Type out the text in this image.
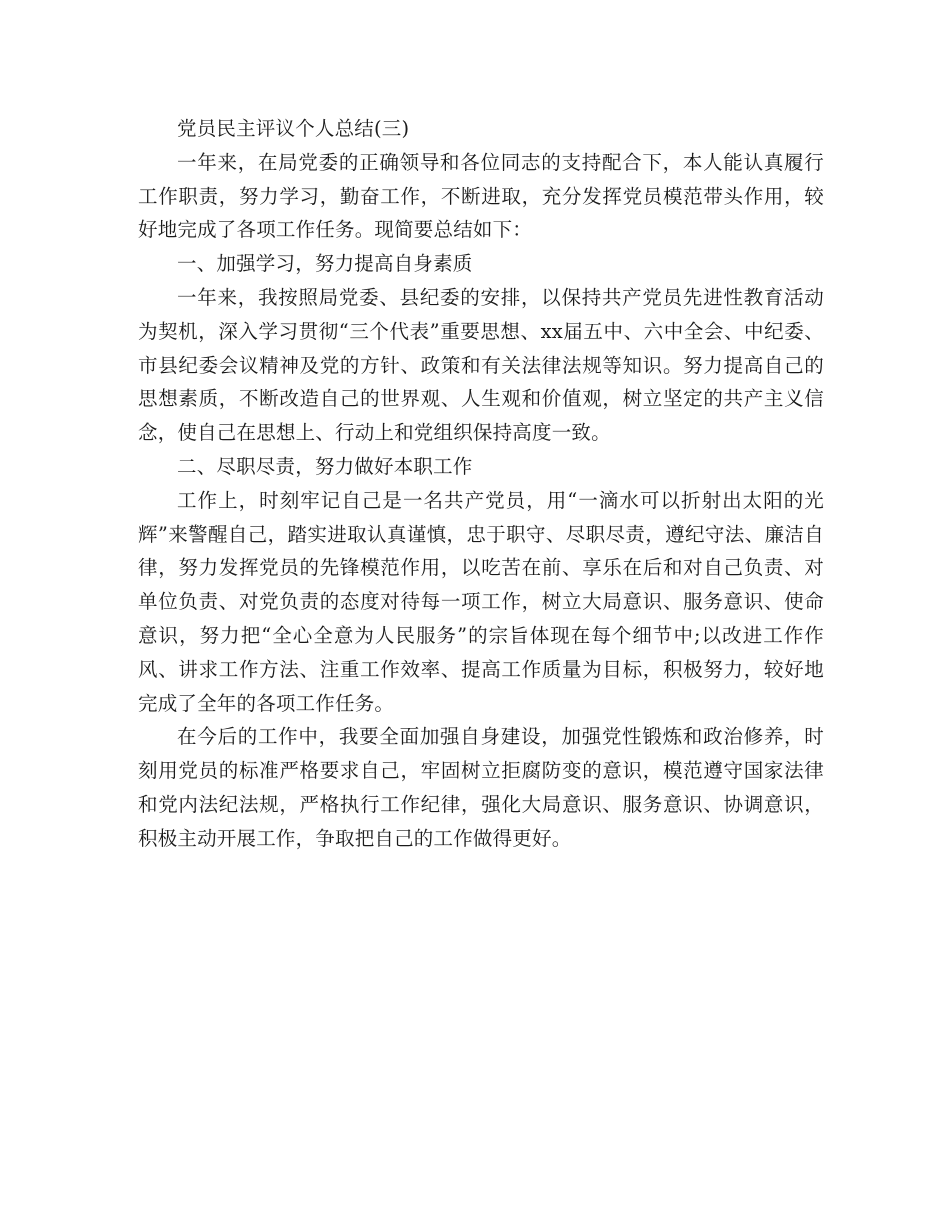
党员民主评议个人总结(三)

一年来，在局党委的正确领导和各位同志的支持配合下，本人能认真履行工作职责，努力学习，勤奋工作，不断进取，充分发挥党员模范带头作用，较好地完成了各项工作任务。现简要总结如下：

一、加强学习，努力提高自身素质

一年来，我按照局党委、县纪委的安排，以保持共产党员先进性教育活动为契机，深入学习贯彻“三个代表”重要思想、xx届五中、六中全会、中纪委、市县纪委会议精神及党的方针、政策和有关法律法规等知识。努力提高自己的思想素质，不断改造自己的世界观、人生观和价值观，树立坚定的共产主义信念，使自己在思想上、行动上和党组织保持高度一致。

二、尽职尽责，努力做好本职工作

工作上，时刻牢记自己是一名共产党员，用“一滴水可以折射出太阳的光辉”来警醒自己，踏实进取认真谨慎，忠于职守、尽职尽责，遵纪守法、廉洁自律，努力发挥党员的先锋模范作用，以吃苦在前、享乐在后和对自己负责、对单位负责、对党负责的态度对待每一项工作，树立大局意识、服务意识、使命意识，努力把“全心全意为人民服务”的宗旨体现在每个细节中;以改进工作作风、讲求工作方法、注重工作效率、提高工作质量为目标，积极努力，较好地完成了全年的各项工作任务。

在今后的工作中，我要全面加强自身建设，加强党性锻炼和政治修养，时刻用党员的标准严格要求自己，牢固树立拒腐防变的意识，模范遵守国家法律和党内法纪法规，严格执行工作纪律，强化大局意识、服务意识、协调意识，积极主动开展工作，争取把自己的工作做得更好。
